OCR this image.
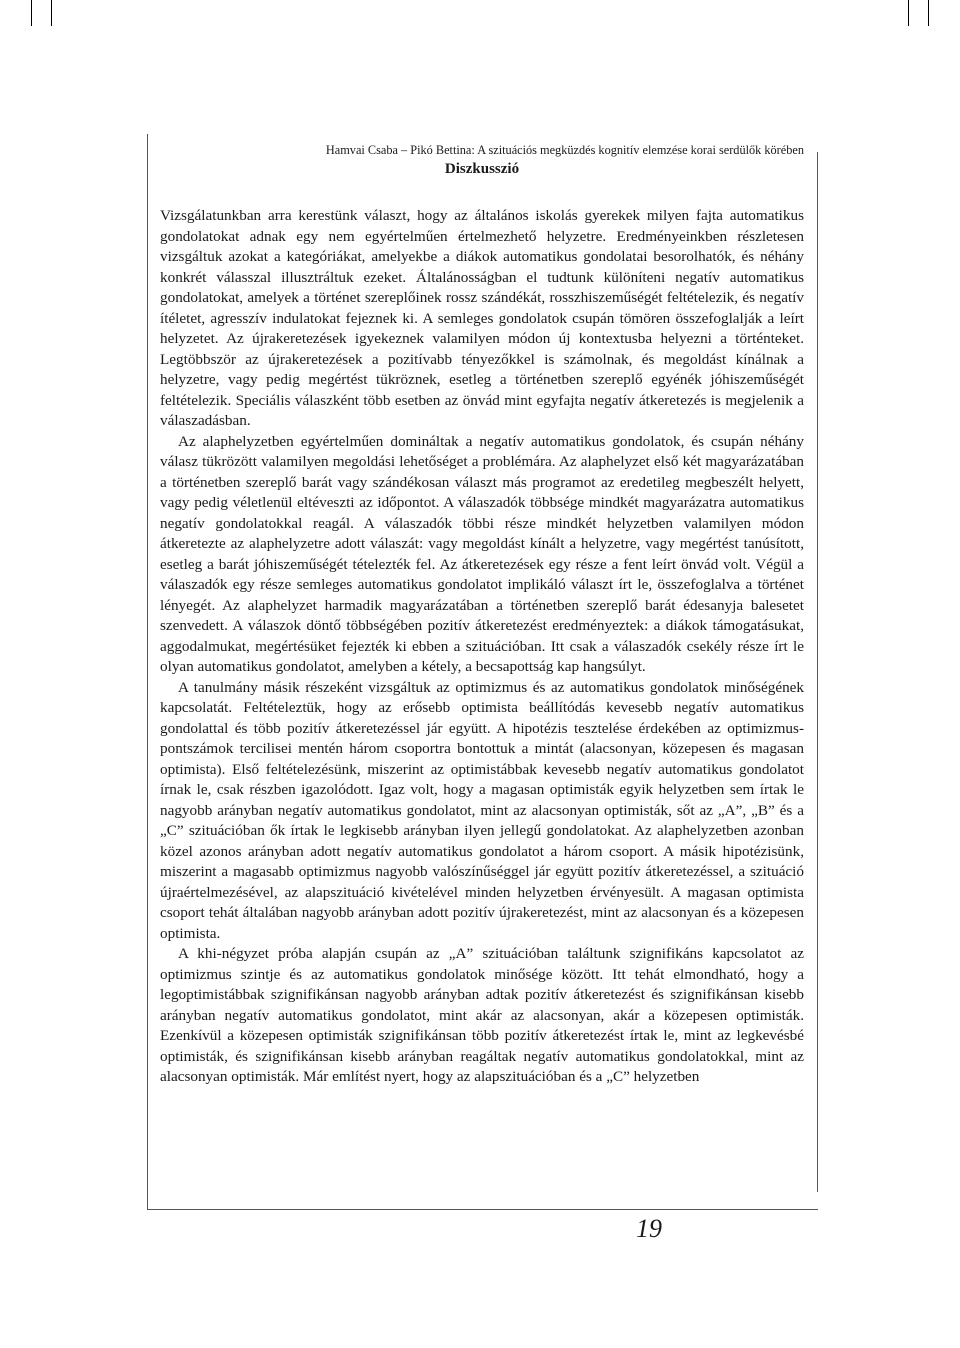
Hamvai Csaba – Pikó Bettina: A szituációs megküzdés kognitív elemzése korai serdülők körében
Diszkusszió

Vizsgálatunkban arra kerestünk választ, hogy az általános iskolás gyerekek milyen fajta automatikus gondolatokat adnak egy nem egyértelműen értelmezhető helyzetre. Eredményeinkben részletesen vizsgáltuk azokat a kategóriákat, amelyekbe a diákok automatikus gondolatai besorolhatók, és néhány konkrét válasszal illusztráltuk ezeket. Általánosságban el tudtunk különíteni negatív automatikus gondolatokat, amelyek a történet szereplőinek rossz szándékát, rosszhiszeműségét feltételezik, és negatív ítéletet, agresszív indulatokat fejeznek ki. A semleges gondolatok csupán tömören összefoglalják a leírt helyzetet. Az újrakeretezések igyekeznek valamilyen módon új kontextusba helyezni a történteket. Legtöbbször az újrakeretezések a pozitívabb tényezőkkel is számolnak, és megoldást kínálnak a helyzetre, vagy pedig megértést tükröznek, esetleg a történetben szereplő egyénék jóhiszeműségét feltételezik. Speciális válaszként több esetben az önvád mint egyfajta negatív átkeretezés is megjelenik a válaszadásban.

Az alaphelyzetben egyértelműen domináltak a negatív automatikus gondolatok, és csupán néhány válasz tükrözött valamilyen megoldási lehetőséget a problémára. Az alaphelyzet első két magyarázatában a történetben szereplő barát vagy szándékosan választ más programot az eredetileg megbeszélt helyett, vagy pedig véletlenül eltéveszti az időpontot. A válaszadók többsége mindkét magyarázatra automatikus negatív gondolatokkal reagál. A válaszadók többi része mindkét helyzetben valamilyen módon átkeretezte az alaphelyzetre adott válaszát: vagy megoldást kínált a helyzetre, vagy megértést tanúsított, esetleg a barát jóhiszeműségét tételezték fel. Az átkeretezések egy része a fent leírt önvád volt. Végül a válaszadók egy része semleges automatikus gondolatot implikáló választ írt le, összefoglalva a történet lényegét. Az alaphelyzet harmadik magyarázatában a történetben szereplő barát édesanyja balesetet szenvedett. A válaszok döntő többségében pozitív átkeretezést eredményeztek: a diákok támogatásukat, aggodalmukat, megértésüket fejezték ki ebben a szituációban. Itt csak a válaszadók csekély része írt le olyan automatikus gondolatot, amelyben a kétely, a becsapottság kap hangsúlyt.

A tanulmány másik részeként vizsgáltuk az optimizmus és az automatikus gondolatok minőségének kapcsolatát. Feltételeztük, hogy az erősebb optimista beállítódás kevesebb negatív automatikus gondolattal és több pozitív átkeretezéssel jár együtt. A hipotézis tesztelése érdekében az optimizmus-pontszámok tercilisei mentén három csoportra bontottuk a mintát (alacsonyan, közepesen és magasan optimista). Első feltételezésünk, miszerint az optimistábbak kevesebb negatív automatikus gondolatot írnak le, csak részben igazolódott. Igaz volt, hogy a magasan optimisták egyik helyzetben sem írtak le nagyobb arányban negatív automatikus gondolatot, mint az alacsonyan optimisták, sőt az „A”, „B” és a „C” szituációban ők írtak le legkisebb arányban ilyen jellegű gondolatokat. Az alaphelyzetben azonban közel azonos arányban adott negatív automatikus gondolatot a három csoport. A másik hipotézisünk, miszerint a magasabb optimizmus nagyobb valószínűséggel jár együtt pozitív átkeretezéssel, a szituáció újraértelmezésével, az alapszituáció kivételével minden helyzetben érvényesült. A magasan optimista csoport tehát általában nagyobb arányban adott pozitív újrakeretezést, mint az alacsonyan és a közepesen optimista.

A khi-négyzet próba alapján csupán az „A” szituációban találtunk szignifikáns kapcsolatot az optimizmus szintje és az automatikus gondolatok minősége között. Itt tehát elmondható, hogy a legoptimistábbak szignifikánsan nagyobb arányban adtak pozitív átkeretezést és szignifikánsan kisebb arányban negatív automatikus gondolatot, mint akár az alacsonyan, akár a közepesen optimisták. Ezenkívül a közepesen optimisták szignifikánsan több pozitív átkeretezést írtak le, mint az legkevésbé optimisták, és szignifikánsan kisebb arányban reagáltak negatív automatikus gondolatokkal, mint az alacsonyan optimisták. Már említést nyert, hogy az alapszituációban és a „C” helyzetben

19
